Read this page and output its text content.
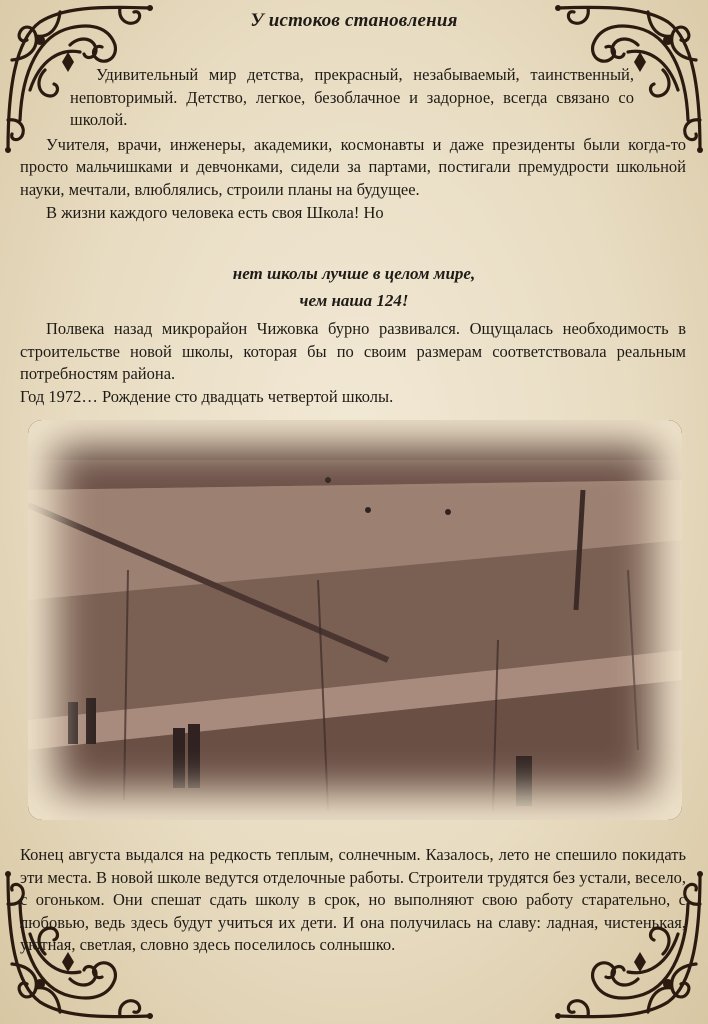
У истоков становления

Удивительный мир детства, прекрасный, незабываемый, таинственный, неповторимый. Детство, легкое, безоблачное и задорное, всегда связано со школой.

Учителя, врачи, инженеры, академики, космонавты и даже президенты были когда-то просто мальчишками и девчонками, сидели за партами, постигали премудрости школьной науки, мечтали, влюблялись, строили планы на будущее.

В жизни каждого человека есть своя Школа! Но

нет школы лучше в целом мире,
чем наша 124!

Полвека назад микрорайон Чижовка бурно развивался. Ощущалась необходимость в строительстве новой школы, которая бы по своим размерам соответствовала реальным потребностям района.

Год 1972… Рождение сто двадцать четвертой школы.

Конец августа выдался на редкость теплым, солнечным. Казалось, лето не спешило покидать эти места. В новой школе ведутся отделочные работы. Строители трудятся без устали, весело, с огоньком. Они спешат сдать школу в срок, но выполняют свою работу старательно, с любовью, ведь здесь будут учиться их дети. И она получилась на славу: ладная, чистенькая, уютная, светлая, словно здесь поселилось солнышко.
